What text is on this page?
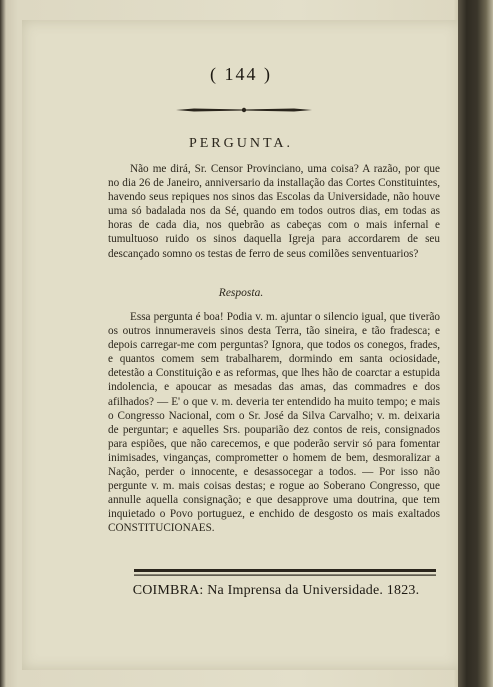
( 144 )
PERGUNTA.

Não me dirá, Sr. Censor Provinciano, uma coisa? A razão, por que no dia 26 de Janeiro, anniversario da installação das Cortes Constituintes, havendo seus repiques nos sinos das Escolas da Universidade, não houve uma só badalada nos da Sé, quando em todos outros dias, em todas as horas de cada dia, nos quebrão as cabeças com o mais infernal e tumultuoso ruido os sinos daquella Igreja para accordarem de seu descançado somno os testas de ferro de seus comilões senventuarios?

Resposta.

Essa pergunta é boa! Podia v. m. ajuntar o silencio igual, que tiverão os outros innumeraveis sinos desta Terra, tão sineira, e tão fradesca; e depois carregar-me com perguntas? Ignora, que todos os conegos, frades, e quantos comem sem trabalharem, dormindo em santa ociosidade, detestão a Constituição e as reformas, que lhes hão de coarctar a estupida indolencia, e apoucar as mesadas das amas, das commadres e dos afilhados? — E' o que v. m. deveria ter entendido ha muito tempo; e mais o Congresso Nacional, com o Sr. José da Silva Carvalho; v. m. deixaria de perguntar; e aquelles Srs. pouparião dez contos de reis, consignados para espiões, que não carecemos, e que poderão servir só para fomentar inimisades, vinganças, comprometter o homem de bem, desmoralizar a Nação, perder o innocente, e desassocegar a todos. — Por isso não pergunte v. m. mais coisas destas; e rogue ao Soberano Congresso, que annulle aquella consignação; e que desapprove uma doutrina, que tem inquietado o Povo portuguez, e enchido de desgosto os mais exaltados CONSTITUCIONAES.

COIMBRA: Na Imprensa da Universidade. 1823.
